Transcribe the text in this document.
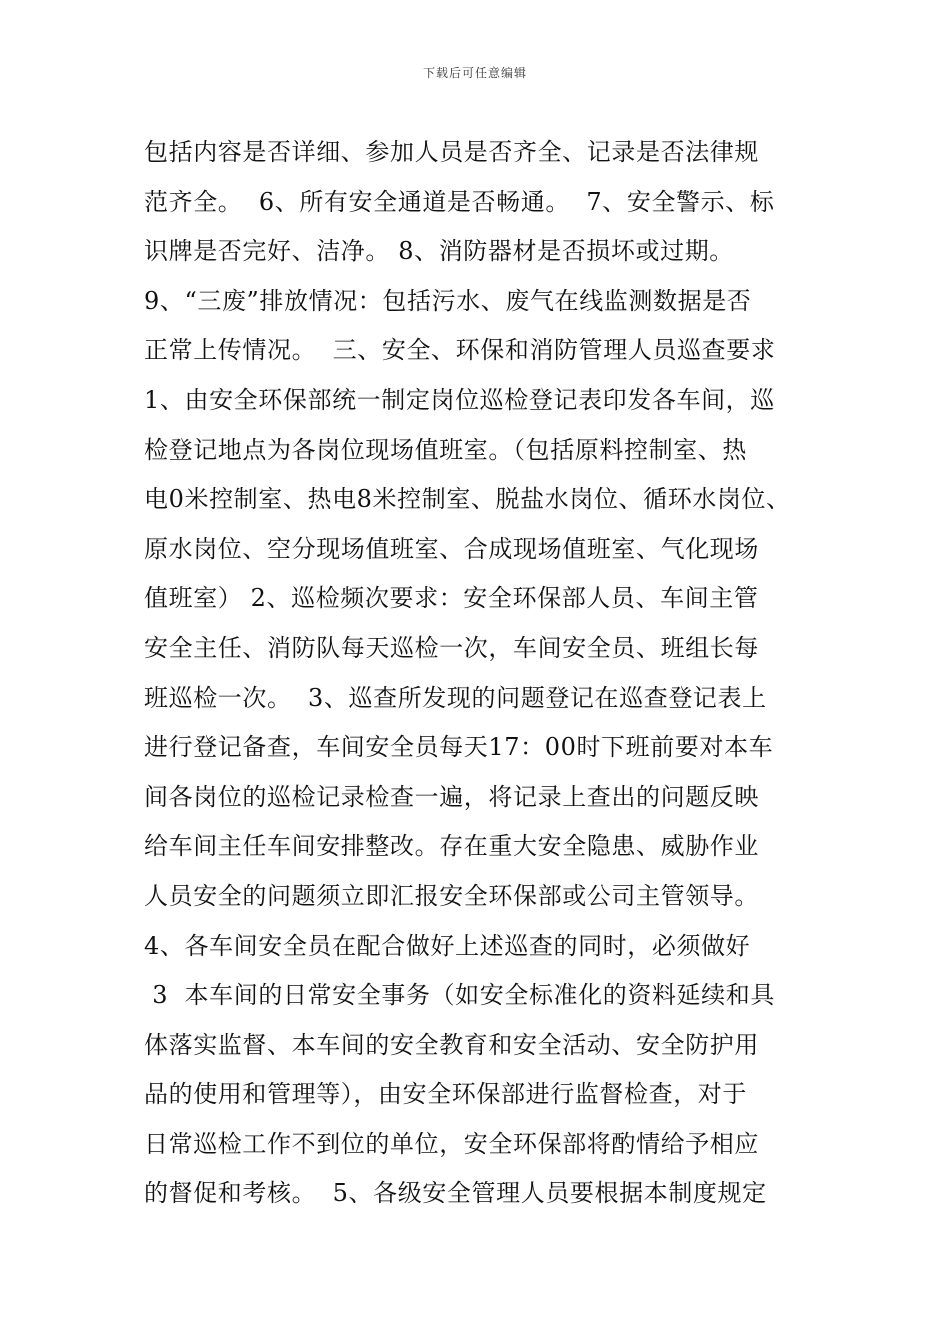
下载后可任意编辑
包括内容是否详细、参加人员是否齐全、记录是否法律规
范齐全。  6、所有安全通道是否畅通。  7、安全警示、标
识牌是否完好、洁净。 8、消防器材是否损坏或过期。
9、“三废”排放情况：包括污水、废气在线监测数据是否
正常上传情况。  三、安全、环保和消防管理人员巡查要求
1、由安全环保部统一制定岗位巡检登记表印发各车间，巡
检登记地点为各岗位现场值班室。（包括原料控制室、热
电0米控制室、热电8米控制室、脱盐水岗位、循环水岗位、
原水岗位、空分现场值班室、合成现场值班室、气化现场
值班室） 2、巡检频次要求：安全环保部人员、车间主管
安全主任、消防队每天巡检一次，车间安全员、班组长每
班巡检一次。  3、巡查所发现的问题登记在巡查登记表上
进行登记备查，车间安全员每天17：00时下班前要对本车
间各岗位的巡检记录检查一遍，将记录上查出的问题反映
给车间主任车间安排整改。存在重大安全隐患、威胁作业
人员安全的问题须立即汇报安全环保部或公司主管领导。
4、各车间安全员在配合做好上述巡查的同时，必须做好
3  本车间的日常安全事务（如安全标准化的资料延续和具
体落实监督、本车间的安全教育和安全活动、安全防护用
品的使用和管理等），由安全环保部进行监督检查，对于
日常巡检工作不到位的单位，安全环保部将酌情给予相应
的督促和考核。  5、各级安全管理人员要根据本制度规定
